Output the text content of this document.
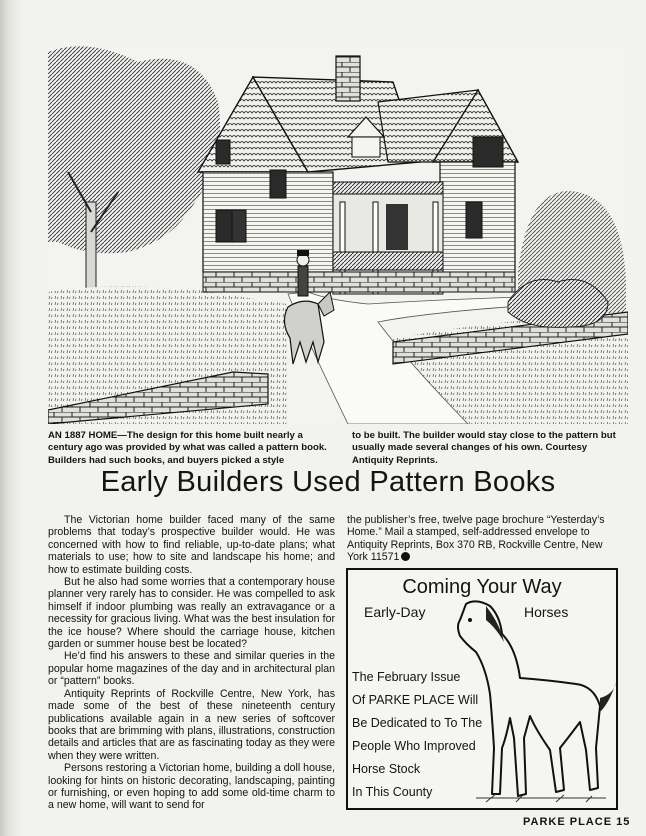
AN 1887 HOME—The design for this home built nearly a century ago was provided by what was called a pattern book. Builders had such books, and buyers picked a style
to be built. The builder would stay close to the pattern but usually made several changes of his own. Courtesy Antiquity Reprints.
Early Builders Used Pattern Books

The Victorian home builder faced many of the same problems that today’s prospective builder would. He was concerned with how to find reliable, up-to-date plans; what materials to use; how to site and landscape his home; and how to estimate building costs.

But he also had some worries that a contemporary house planner very rarely has to consider. He was compelled to ask himself if indoor plumbing was really an extravagance or a necessity for gracious living. What was the best insulation for the ice house? Where should the carriage house, kitchen garden or summer house best be located?

He’d find his answers to these and similar queries in the popular home magazines of the day and in architectural plan or “pattern” books.

Antiquity Reprints of Rockville Centre, New York, has made some of the best of these nineteenth century publications available again in a new series of softcover books that are brimming with plans, illustrations, construction details and articles that are as fascinating today as they were when they were written.

Persons restoring a Victorian home, building a doll house, looking for hints on historic decorating, landscaping, painting or furnishing, or even hoping to add some old-time charm to a new home, will want to send for

the publisher’s free, twelve page brochure “Yesterday’s Home.” Mail a stamped, self-addressed envelope to Antiquity Reprints, Box 370 RB, Rockville Centre, New York 11571

Coming Your Way
Early-Day	Horses
The February Issue
Of PARKE PLACE Will
Be Dedicated to To The
People Who Improved
Horse Stock
In This County
PARKE PLACE 15
